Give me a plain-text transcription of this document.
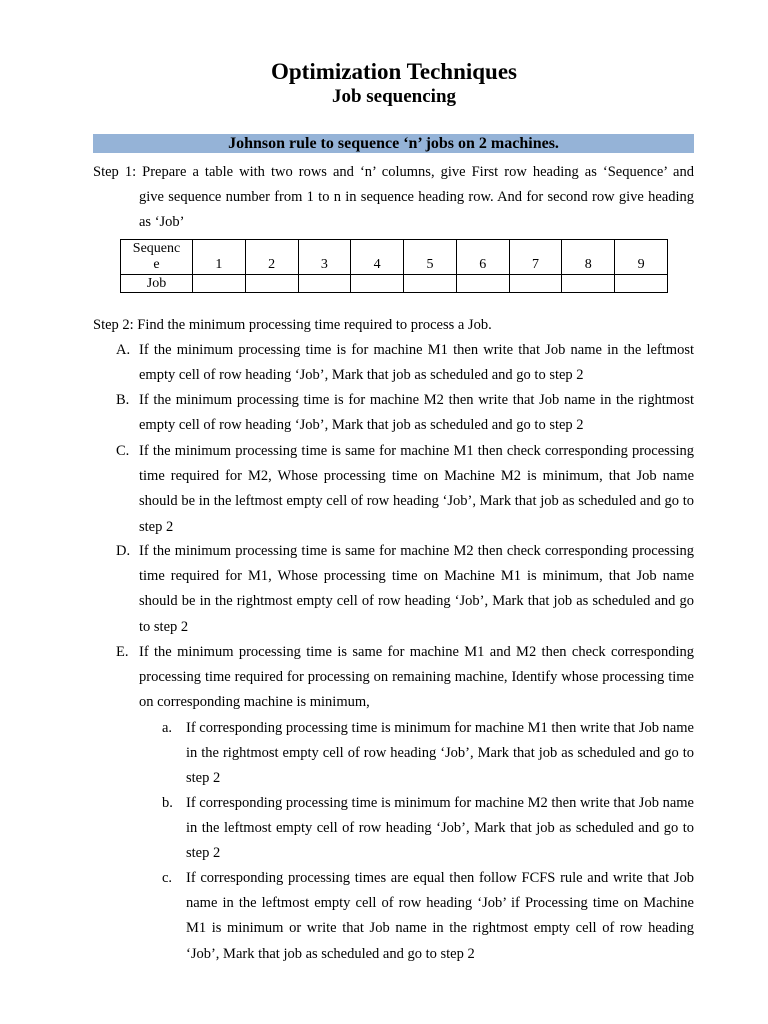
Optimization Techniques
Job sequencing
Johnson rule to sequence ‘n’ jobs on 2 machines.
Step 1: Prepare a table with two rows and ‘n’ columns, give First row heading as ‘Sequence’ and
give sequence number from 1 to n in sequence heading row. And for second row give heading as ‘Job’
Sequenc
e	1	2	3	4	5	6	7	8	9
Job									
Step 2: Find the minimum processing time required to process a Job.
A. If the minimum processing time is for machine M1 then write that Job name in the leftmost empty cell of row heading ‘Job’, Mark that job as scheduled and go to step 2
B. If the minimum processing time is for machine M2 then write that Job name in the rightmost empty cell of row heading ‘Job’, Mark that job as scheduled and go to step 2
C. If the minimum processing time is same for machine M1 then check corresponding processing time required for M2, Whose processing time on Machine M2 is minimum, that Job name should be in the leftmost empty cell of row heading ‘Job’, Mark that job as scheduled and go to step 2
D. If the minimum processing time is same for machine M2 then check corresponding processing time required for M1, Whose processing time on Machine M1 is minimum, that Job name should be in the rightmost empty cell of row heading ‘Job’, Mark that job as scheduled and go to step 2
E. If the minimum processing time is same for machine M1 and M2 then check corresponding processing time required for processing on remaining machine, Identify whose processing time on corresponding machine is minimum,
a. If corresponding processing time is minimum for machine M1 then write that Job name in the rightmost empty cell of row heading ‘Job’, Mark that job as scheduled and go to step 2
b. If corresponding processing time is minimum for machine M2 then write that Job name in the leftmost empty cell of row heading ‘Job’, Mark that job as scheduled and go to step 2
c. If corresponding processing times are equal then follow FCFS rule and write that Job name in the leftmost empty cell of row heading ‘Job’ if Processing time on Machine M1 is minimum or write that Job name in the rightmost empty cell of row heading ‘Job’, Mark that job as scheduled and go to step 2
